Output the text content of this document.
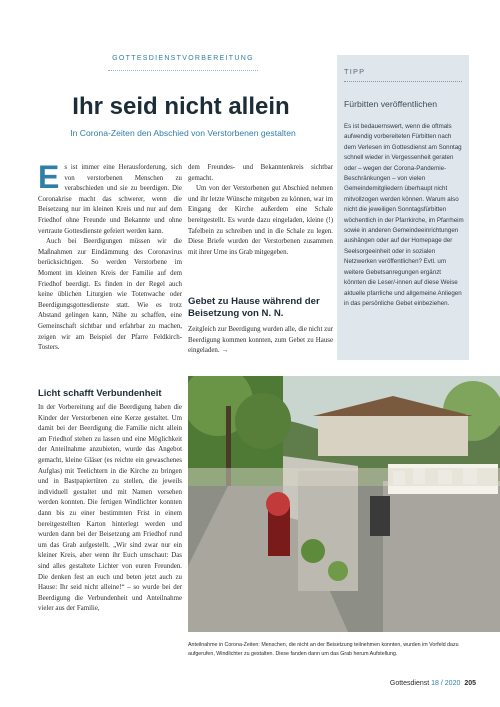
GOTTESDIENSTVORBEREITUNG
Ihr seid nicht allein
In Corona-Zeiten den Abschied von Verstorbenen gestalten
E s ist immer eine Herausforderung, sich von verstorbenen Menschen zu verabschieden und sie zu beerdigen. Die Coronakrise macht das schwerer, wenn die Beisetzung nur im kleinen Kreis und nur auf dem Friedhof ohne Freunde und Bekannte und ohne vertraute Gottesdienste gefeiert werden kann.

Auch bei Beerdigungen müssen wir die Maßnahmen zur Eindämmung des Coronavirus berücksichtigen. So werden Verstorbene im Moment im kleinen Kreis der Familie auf dem Friedhof beerdigt. Es finden in der Regel auch keine üblichen Liturgien wie Totenwache oder Beerdigungsgottesdienste statt. Wie es trotz Abstand gelingen kann, Nähe zu schaffen, eine Gemeinschaft sichtbar und erfahrbar zu machen, zeigen wir am Beispiel der Pfarre Feldkirch-Tosters.

dem Freundes- und Bekanntenkreis sichtbar gemacht.

Um von der Verstorbenen gut Abschied nehmen und ihr letzte Wünsche mitgeben zu können, war im Eingang der Kirche außerdem eine Schale bereitgestellt. Es wurde dazu eingeladen, kleine (!) Tafelbein zu schreiben und in die Schale zu legen. Diese Briefe wurden der Verstorbenen zusammen mit ihrer Urne ins Grab mitgegeben.

Gebet zu Hause während der Beisetzung von N. N.

Zeitgleich zur Beerdigung wurden alle, die nicht zur Beerdigung kommen konnten, zum Gebet zu Hause eingeladen. →

TIPP
Fürbitten veröffentlichen
Es ist bedauernswert, wenn die oftmals aufwendig vorbereiteten Fürbitten nach dem Verlesen im Gottesdienst am Sonntag schnell wieder in Vergessenheit geraten oder – wegen der Corona-Pandemie-Beschränkungen – von vielen Gemeindemitgliedern überhaupt nicht mitvollzogen werden können. Warum also nicht die jeweiligen Sonntagsfürbitten wöchentlich in der Pfarrkirche, im Pfarrheim sowie in anderen Gemeindeeinrichtungen aushängen oder auf der Homepage der Seelsorgeeinheit oder in sozialen Netzwerken veröffentlichen? Evtl. um weitere Gebetsanregungen ergänzt könnten die Leser/-innen auf diese Weise aktuelle pfarrliche und allgemeine Anliegen in das persönliche Gebet einbeziehen.
Licht schafft Verbundenheit

In der Vorbereitung auf die Beerdigung haben die Kinder der Verstorbenen eine Kerze gestaltet. Um damit bei der Beerdigung die Familie nicht allein am Friedhof stehen zu lassen und eine Möglichkeit der Anteilnahme anzubieten, wurde das Angebot gemacht, kleine Gläser (es reichte ein gewaschenes Aufglas) mit Teelichtern in die Kirche zu bringen und in Bastpapiertüten zu stellen, die jeweils individuell gestaltet und mit Namen versehen werden konnten. Die fertigen Windlichter konnten dann bis zu einer bestimmten Frist in einem bereitgestellten Karton hinterlegt werden und wurden dann bei der Beisetzung am Friedhof rund um das Grab aufgestellt. „Wir sind zwar nur ein kleiner Kreis, aber wenn ihr Euch umschaut: Das sind alles gestaltete Lichter von euren Freunden. Die denken fest an euch und beten jetzt auch zu Hause: Ihr seid nicht alleine!“ – so wurde bei der Beerdigung die Verbundenheit und Anteilnahme vieler aus der Familie,

Anteilnahme in Corona-Zeiten: Menschen, die nicht an der Beisetzung teilnehmen konnten, wurden im Vorfeld dazu aufgerufen, Windlichter zu gestalten. Diese fanden dann um das Grab herum Aufstellung.
Gottesdienst 18 / 2020 205
